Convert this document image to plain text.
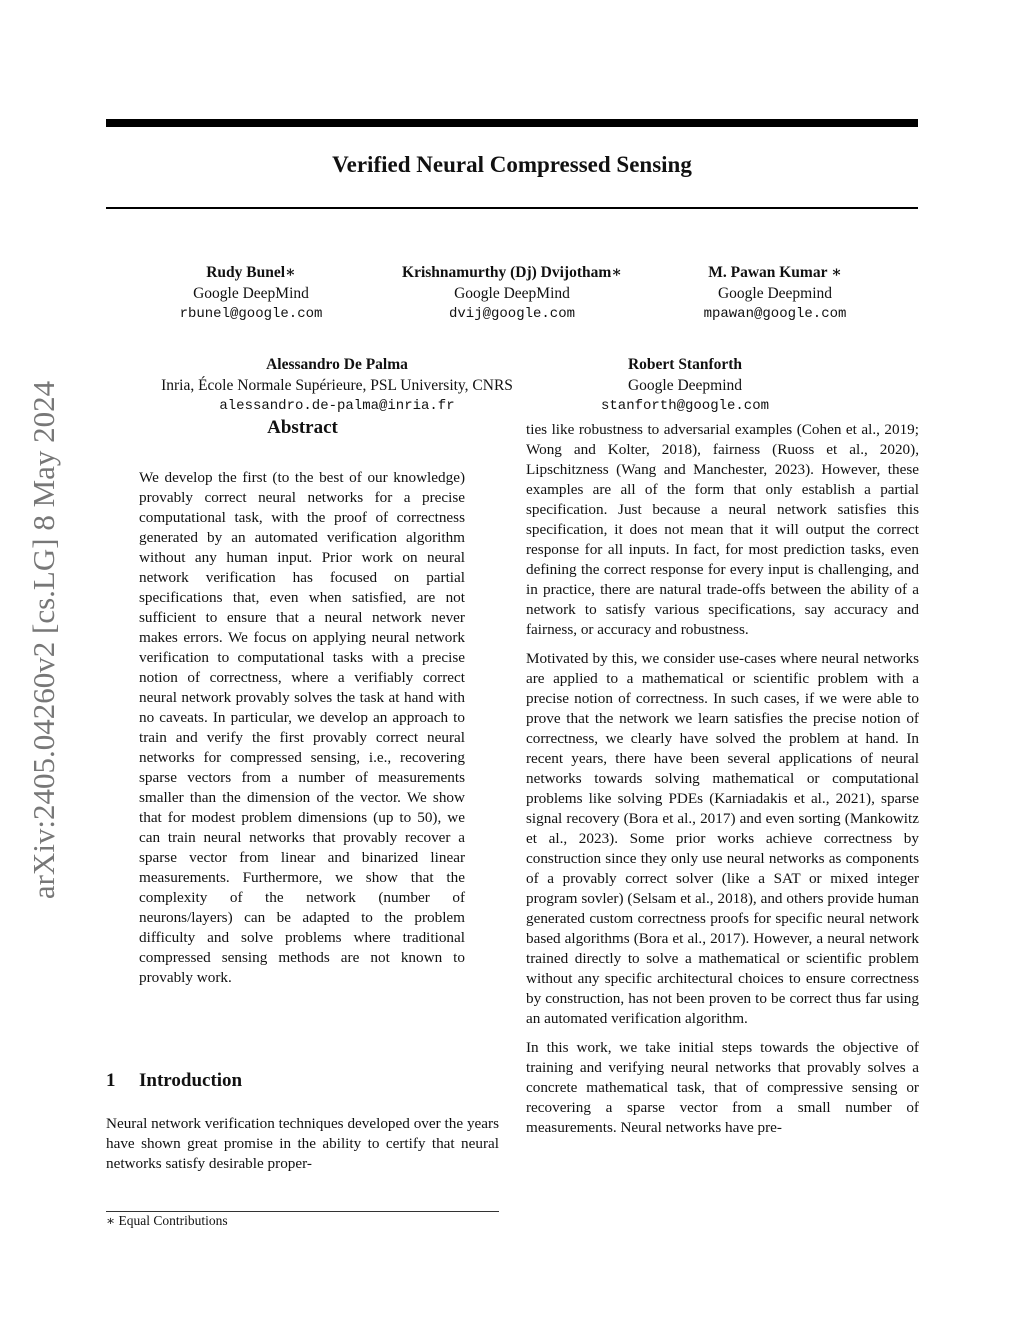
Verified Neural Compressed Sensing
arXiv:2405.04260v2 [cs.LG] 8 May 2024
Rudy Bunel∗
Google DeepMind
rbunel@google.com
Krishnamurthy (Dj) Dvijotham∗
Google DeepMind
dvij@google.com
M. Pawan Kumar ∗
Google Deepmind
mpawan@google.com
Alessandro De Palma
Inria, École Normale Supérieure, PSL University, CNRS
alessandro.de-palma@inria.fr
Robert Stanforth
Google Deepmind
stanforth@google.com
Abstract
We develop the first (to the best of our knowledge) provably correct neural networks for a precise computational task, with the proof of correctness generated by an automated verification algorithm without any human input. Prior work on neural network verification has focused on partial specifications that, even when satisfied, are not sufficient to ensure that a neural network never makes errors. We focus on applying neural network verification to computational tasks with a precise notion of correctness, where a verifiably correct neural network provably solves the task at hand with no caveats. In particular, we develop an approach to train and verify the first provably correct neural networks for compressed sensing, i.e., recovering sparse vectors from a number of measurements smaller than the dimension of the vector. We show that for modest problem dimensions (up to 50), we can train neural networks that provably recover a sparse vector from linear and binarized linear measurements. Furthermore, we show that the complexity of the network (number of neurons/layers) can be adapted to the problem difficulty and solve problems where traditional compressed sensing methods are not known to provably work.
1 Introduction
Neural network verification techniques developed over the years have shown great promise in the ability to certify that neural networks satisfy desirable proper-
∗ Equal Contributions

ties like robustness to adversarial examples (Cohen et al., 2019; Wong and Kolter, 2018), fairness (Ruoss et al., 2020), Lipschitzness (Wang and Manchester, 2023). However, these examples are all of the form that only establish a partial specification. Just because a neural network satisfies this specification, it does not mean that it will output the correct response for all inputs. In fact, for most prediction tasks, even defining the correct response for every input is challenging, and in practice, there are natural trade-offs between the ability of a network to satisfy various specifications, say accuracy and fairness, or accuracy and robustness.

Motivated by this, we consider use-cases where neural networks are applied to a mathematical or scientific problem with a precise notion of correctness. In such cases, if we were able to prove that the network we learn satisfies the precise notion of correctness, we clearly have solved the problem at hand. In recent years, there have been several applications of neural networks towards solving mathematical or computational problems like solving PDEs (Karniadakis et al., 2021), sparse signal recovery (Bora et al., 2017) and even sorting (Mankowitz et al., 2023). Some prior works achieve correctness by construction since they only use neural networks as components of a provably correct solver (like a SAT or mixed integer program sovler) (Selsam et al., 2018), and others provide human generated custom correctness proofs for specific neural network based algorithms (Bora et al., 2017). However, a neural network trained directly to solve a mathematical or scientific problem without any specific architectural choices to ensure correctness by construction, has not been proven to be correct thus far using an automated verification algorithm.

In this work, we take initial steps towards the objective of training and verifying neural networks that provably solves a concrete mathematical task, that of compressive sensing or recovering a sparse vector from a small number of measurements. Neural networks have pre-
